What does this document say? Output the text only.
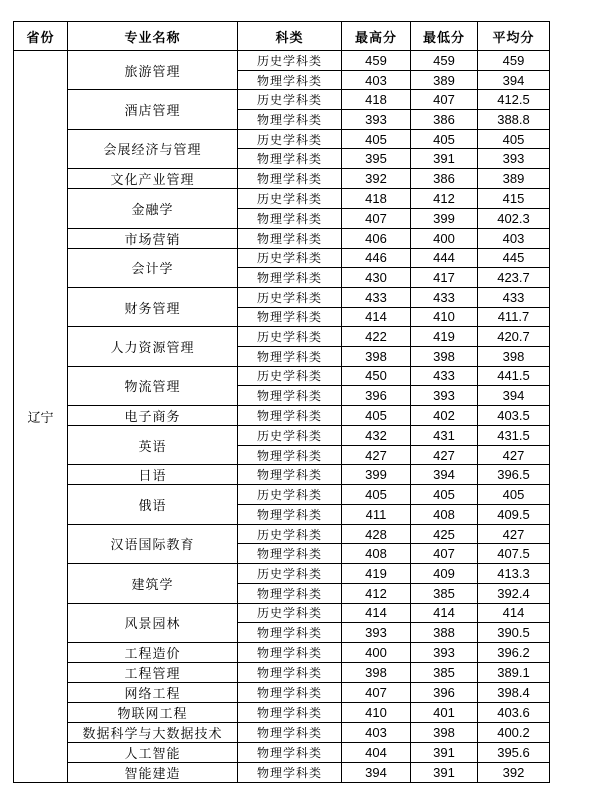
省份	专业名称	科类	最高分	最低分	平均分
辽宁	旅游管理	历史学科类	459	459	459
		物理学科类	403	389	394
	酒店管理	历史学科类	418	407	412.5
		物理学科类	393	386	388.8
	会展经济与管理	历史学科类	405	405	405
		物理学科类	395	391	393
	文化产业管理	物理学科类	392	386	389
	金融学	历史学科类	418	412	415
		物理学科类	407	399	402.3
	市场营销	物理学科类	406	400	403
	会计学	历史学科类	446	444	445
		物理学科类	430	417	423.7
	财务管理	历史学科类	433	433	433
		物理学科类	414	410	411.7
	人力资源管理	历史学科类	422	419	420.7
		物理学科类	398	398	398
	物流管理	历史学科类	450	433	441.5
		物理学科类	396	393	394
	电子商务	物理学科类	405	402	403.5
	英语	历史学科类	432	431	431.5
		物理学科类	427	427	427
	日语	物理学科类	399	394	396.5
	俄语	历史学科类	405	405	405
		物理学科类	411	408	409.5
	汉语国际教育	历史学科类	428	425	427
		物理学科类	408	407	407.5
	建筑学	历史学科类	419	409	413.3
		物理学科类	412	385	392.4
	风景园林	历史学科类	414	414	414
		物理学科类	393	388	390.5
	工程造价	物理学科类	400	393	396.2
	工程管理	物理学科类	398	385	389.1
	网络工程	物理学科类	407	396	398.4
	物联网工程	物理学科类	410	401	403.6
	数据科学与大数据技术	物理学科类	403	398	400.2
	人工智能	物理学科类	404	391	395.6
	智能建造	物理学科类	394	391	392
